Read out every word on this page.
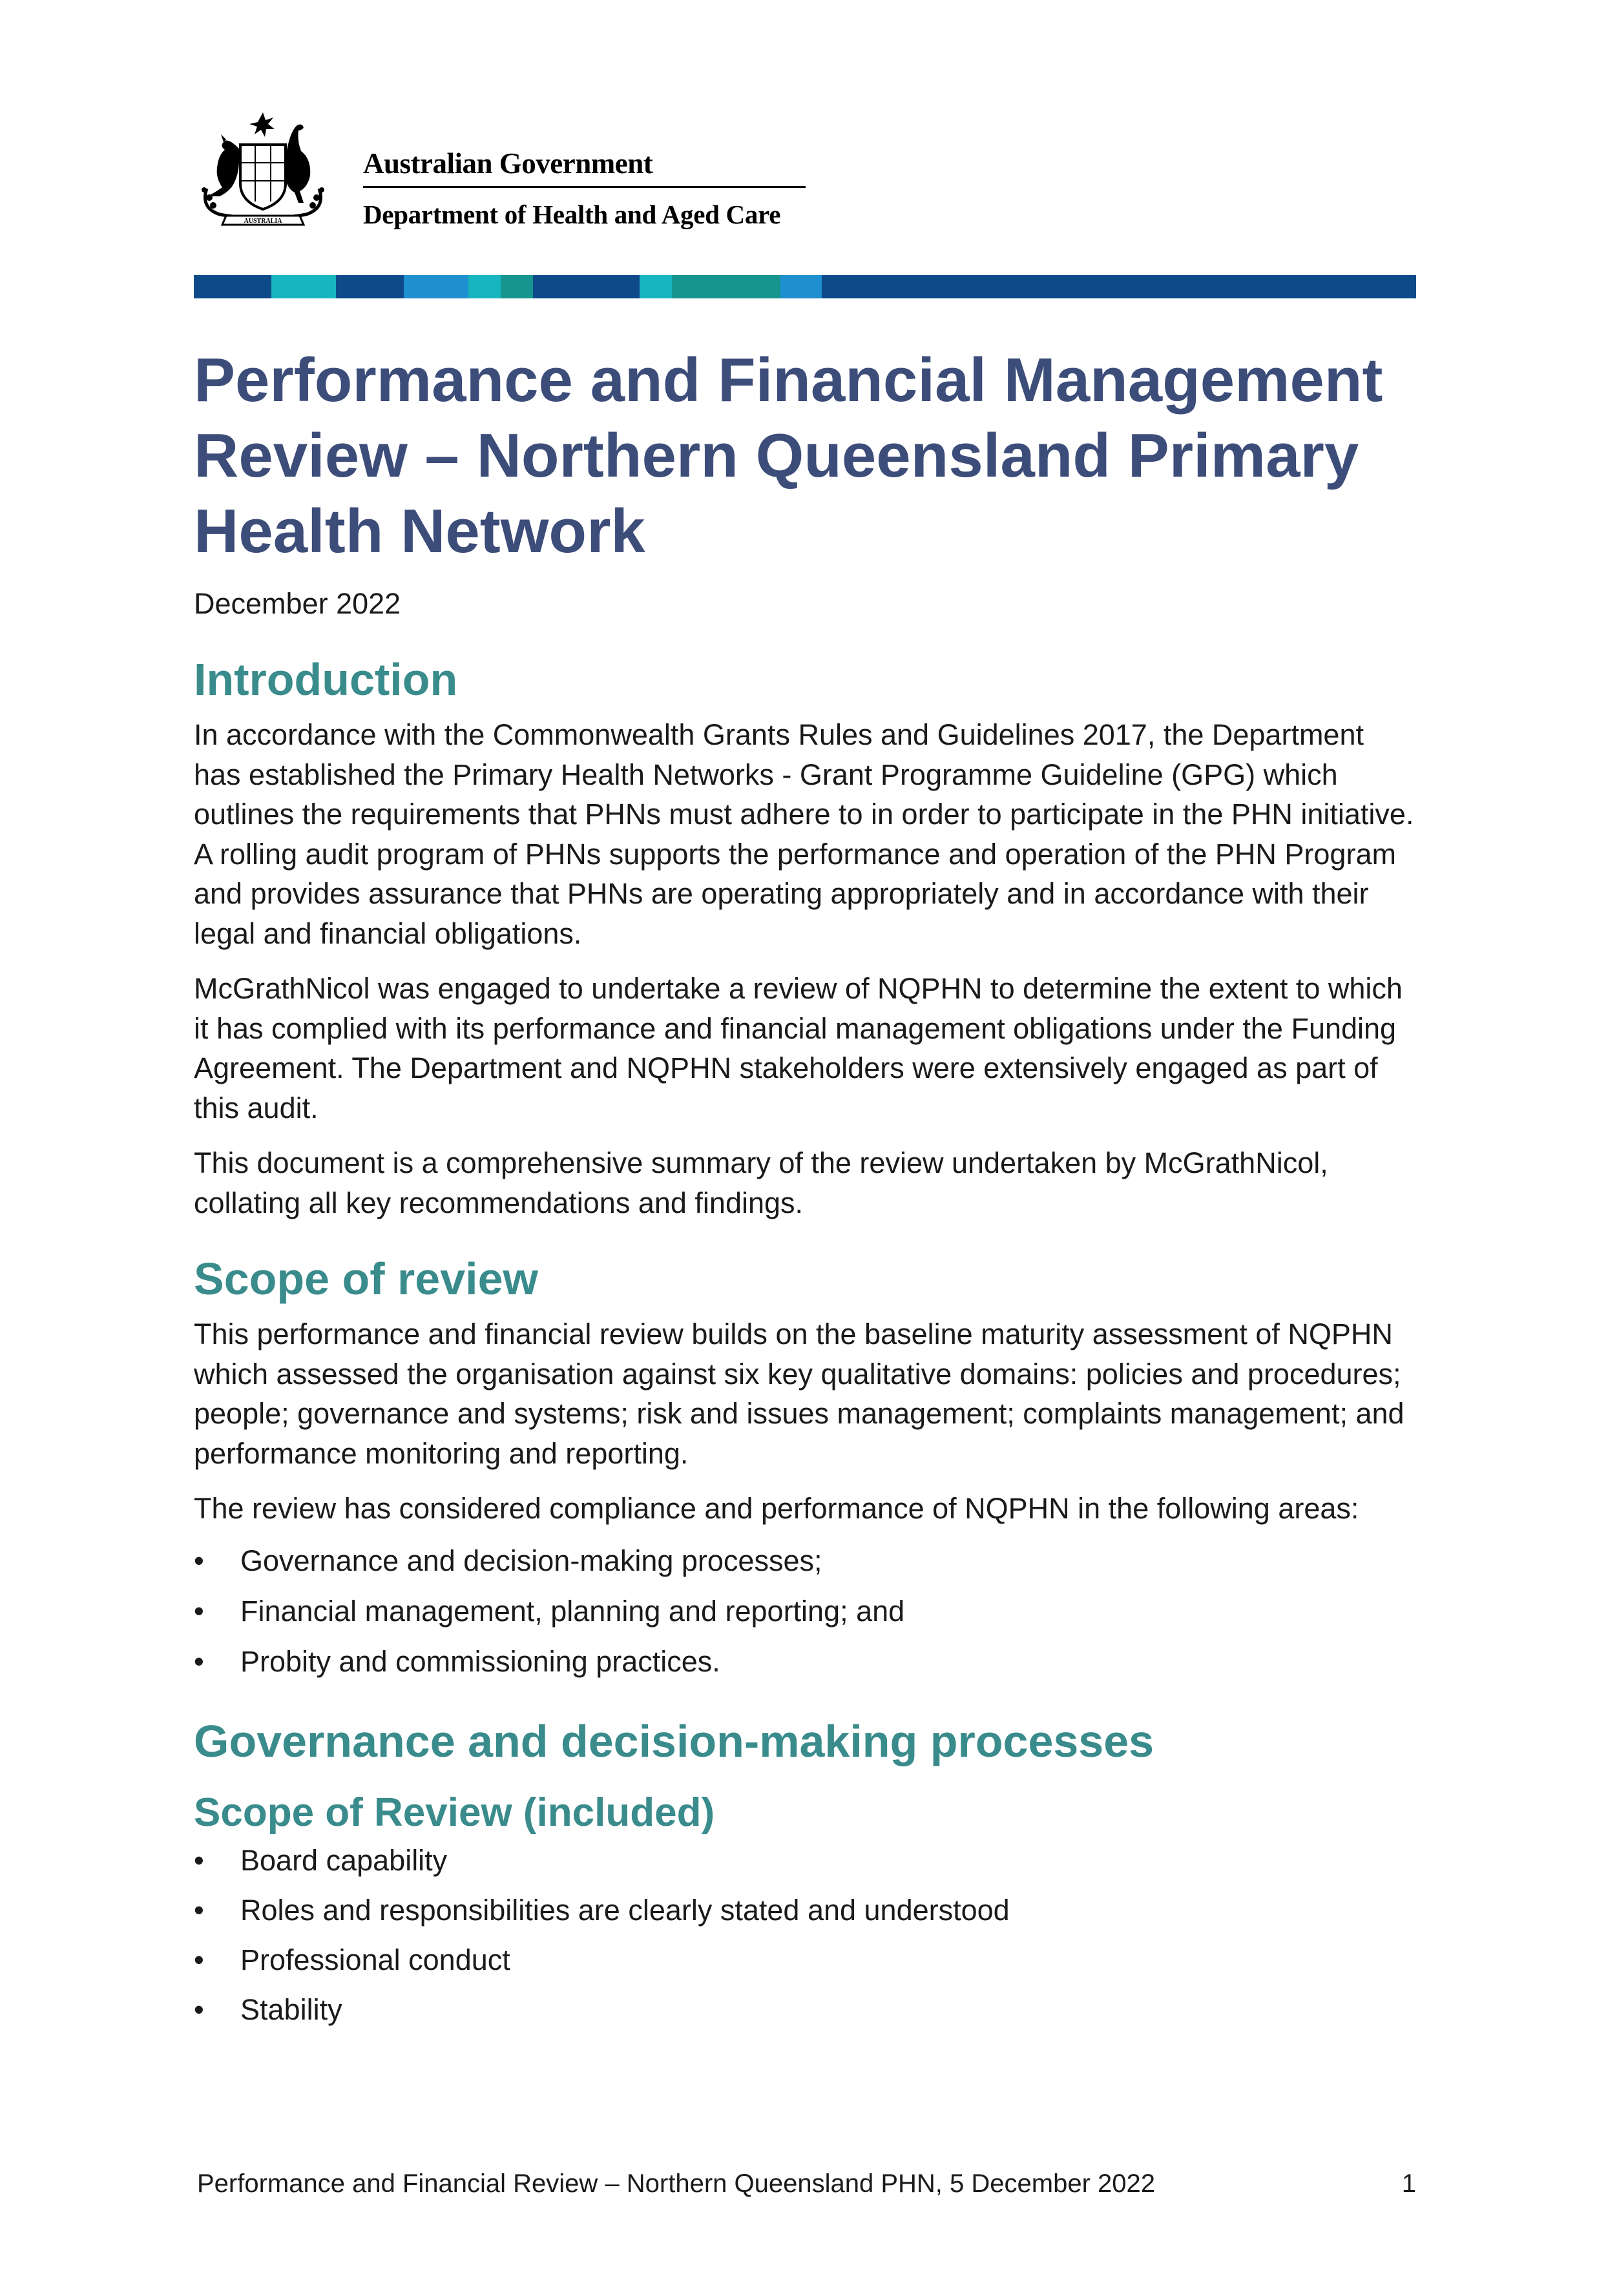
AUSTRALIA
Australian Government
Department of Health and Aged Care
Performance and Financial Management Review – Northern Queensland Primary Health Network
December 2022
Introduction

In accordance with the Commonwealth Grants Rules and Guidelines 2017, the Department has established the Primary Health Networks - Grant Programme Guideline (GPG) which outlines the requirements that PHNs must adhere to in order to participate in the PHN initiative. A rolling audit program of PHNs supports the performance and operation of the PHN Program and provides assurance that PHNs are operating appropriately and in accordance with their legal and financial obligations.

McGrathNicol was engaged to undertake a review of NQPHN to determine the extent to which it has complied with its performance and financial management obligations under the Funding Agreement. The Department and NQPHN stakeholders were extensively engaged as part of this audit.

This document is a comprehensive summary of the review undertaken by McGrathNicol, collating all key recommendations and findings.

Scope of review

This performance and financial review builds on the baseline maturity assessment of NQPHN which assessed the organisation against six key qualitative domains: policies and procedures; people; governance and systems; risk and issues management; complaints management; and performance monitoring and reporting.

The review has considered compliance and performance of NQPHN in the following areas:

•	Governance and decision-making processes;
•	Financial management, planning and reporting; and
•	Probity and commissioning practices.
Governance and decision-making processes
Scope of Review (included)
•	Board capability
•	Roles and responsibilities are clearly stated and understood
•	Professional conduct
•	Stability
Performance and Financial Review – Northern Queensland PHN, 5 December 2022	1
